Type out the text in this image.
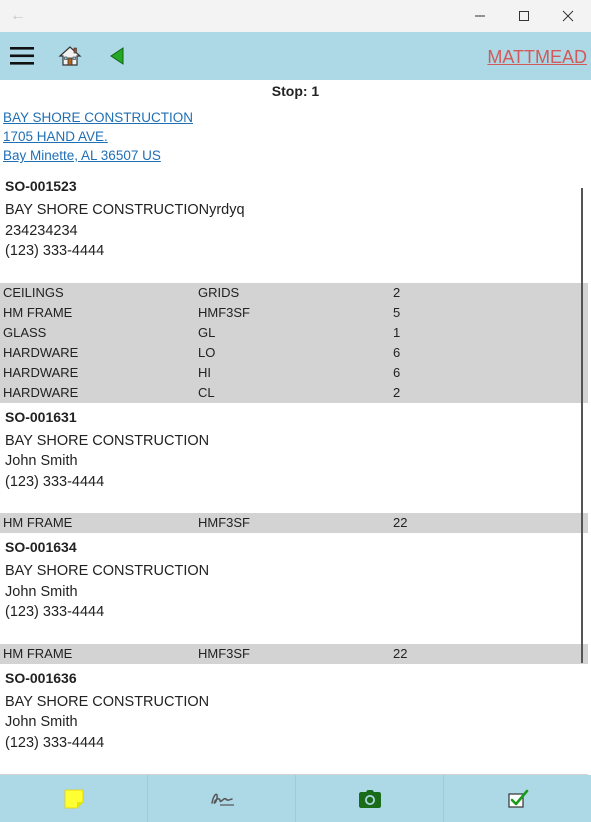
←
MATTMEAD
Stop: 1
BAY SHORE CONSTRUCTION
1705 HAND AVE.
Bay Minette, AL 36507 US
SO-001523
BAY SHORE CONSTRUCTIONyrdyq
234234234
(123) 333-4444
CEILINGS	GRIDS	2
HM FRAME	HMF3SF	5
GLASS	GL	1
HARDWARE	LO	6
HARDWARE	HI	6
HARDWARE	CL	2
SO-001631
BAY SHORE CONSTRUCTION
John Smith
(123) 333-4444
HM FRAME	HMF3SF	22
SO-001634
BAY SHORE CONSTRUCTION
John Smith
(123) 333-4444
HM FRAME	HMF3SF	22
SO-001636
BAY SHORE CONSTRUCTION
John Smith
(123) 333-4444
